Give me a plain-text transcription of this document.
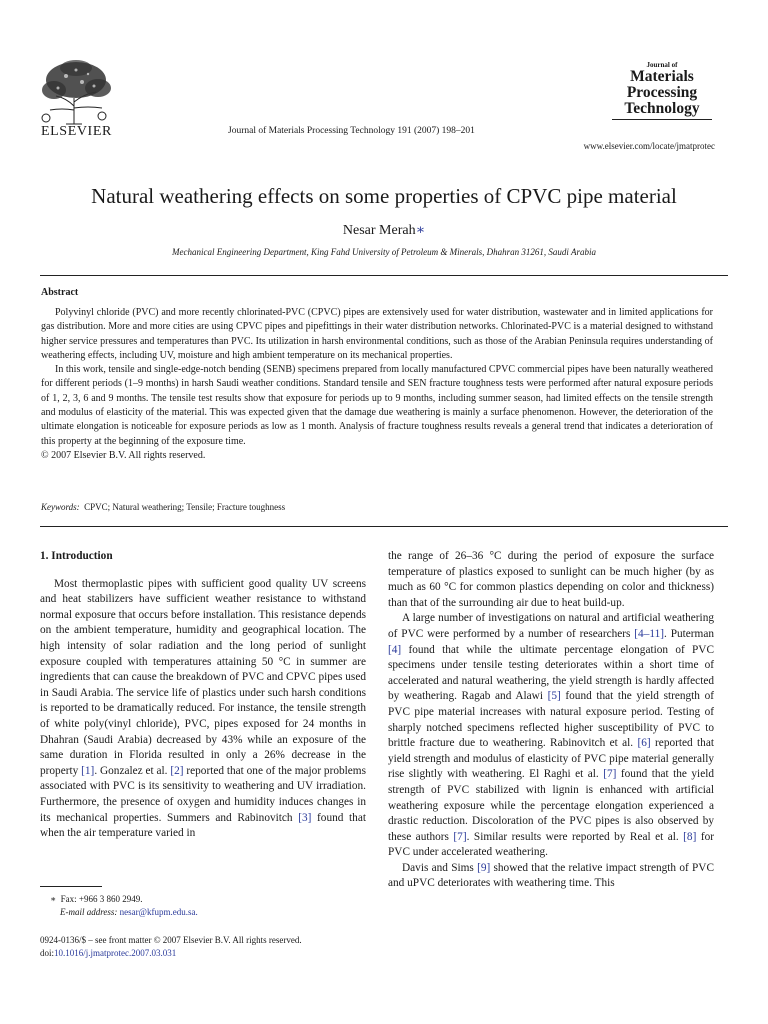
ELSEVIER	Journal of Materials Processing Technology 191 (2007) 198–201
Journal of
Materials
Processing
Technology
www.elsevier.com/locate/jmatprotec
Natural weathering effects on some properties of CPVC pipe material
Nesar Merah∗
Mechanical Engineering Department, King Fahd University of Petroleum & Minerals, Dhahran 31261, Saudi Arabia
Abstract

Polyvinyl chloride (PVC) and more recently chlorinated-PVC (CPVC) pipes are extensively used for water distribution, wastewater and in limited applications for gas distribution. More and more cities are using CPVC pipes and pipefittings in their water distribution networks. Chlorinated-PVC is a material designed to withstand higher service pressures and temperatures than PVC. Its utilization in harsh environmental conditions, such as those of the Arabian Peninsula requires understanding of weathering effects, including UV, moisture and high ambient temperature on its mechanical properties.

In this work, tensile and single-edge-notch bending (SENB) specimens prepared from locally manufactured CPVC commercial pipes have been naturally weathered for different periods (1–9 months) in harsh Saudi weather conditions. Standard tensile and SEN fracture toughness tests were performed after natural exposure periods of 1, 2, 3, 6 and 9 months. The tensile test results show that exposure for periods up to 9 months, including summer season, had limited effects on the tensile strength and modulus of elasticity of the material. This was expected given that the damage due weathering is mainly a surface phenomenon. However, the deterioration of the ultimate elongation is noticeable for exposure periods as low as 1 month. Analysis of fracture toughness results reveals a general trend that indicates a deterioration of this property at the beginning of the exposure time.

© 2007 Elsevier B.V. All rights reserved.

Keywords: CPVC; Natural weathering; Tensile; Fracture toughness
1. Introduction

Most thermoplastic pipes with sufficient good quality UV screens and heat stabilizers have sufficient weather resistance to withstand normal exposure that occurs before installation. This resistance depends on the ambient temperature, humidity and geographical location. The high intensity of solar radiation and the long period of sunlight exposure coupled with temperatures attaining 50 °C in summer are ingredients that can cause the breakdown of PVC and CPVC pipes used in Saudi Arabia. The service life of plastics under such harsh conditions is reported to be dramatically reduced. For instance, the tensile strength of white poly(vinyl chloride), PVC, pipes exposed for 24 months in Dhahran (Saudi Arabia) decreased by 43% while an exposure of the same duration in Florida resulted in only a 26% decrease in the property [1]. Gonzalez et al. [2] reported that one of the major problems associated with PVC is its sensitivity to weathering and UV irradiation. Furthermore, the presence of oxygen and humidity induces changes in its mechanical properties. Summers and Rabinovitch [3] found that when the air temperature varied in

the range of 26–36 °C during the period of exposure the surface temperature of plastics exposed to sunlight can be much higher (by as much as 60 °C for common plastics depending on color and thickness) than that of the surrounding air due to heat build-up.

A large number of investigations on natural and artificial weathering of PVC were performed by a number of researchers [4–11]. Puterman [4] found that while the ultimate percentage elongation of PVC specimens under tensile testing deteriorates within a short time of accelerated and natural weathering, the yield strength is hardly affected by weathering. Ragab and Alawi [5] found that the yield strength of PVC pipe material increases with natural exposure period. Testing of sharply notched specimens reflected higher susceptibility of PVC to brittle fracture due to weathering. Rabinovitch et al. [6] reported that yield strength and modulus of elasticity of PVC pipe material generally rise slightly with weathering. El Raghi et al. [7] found that the yield strength of PVC stabilized with lignin is enhanced with artificial weathering exposure while the percentage elongation experienced a drastic reduction. Discoloration of the PVC pipes is also observed by these authors [7]. Similar results were reported by Real et al. [8] for PVC under accelerated weathering.

Davis and Sims [9] showed that the relative impact strength of PVC and uPVC deteriorates with weathering time. This

∗ Fax: +966 3 860 2949.
E-mail address: nesar@kfupm.edu.sa.
0924-0136/$ – see front matter © 2007 Elsevier B.V. All rights reserved.
doi:10.1016/j.jmatprotec.2007.03.031
